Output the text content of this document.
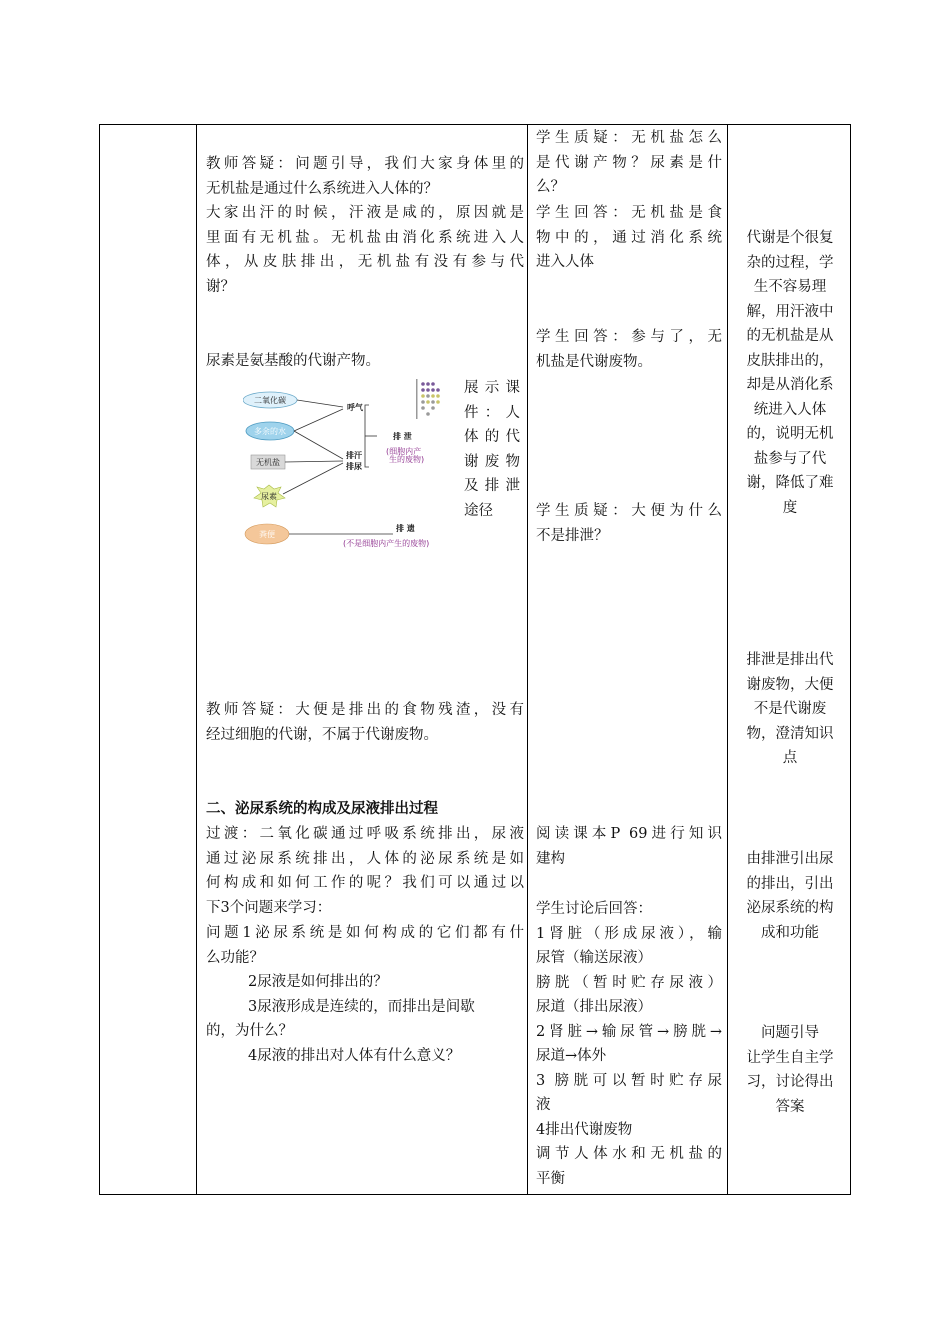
教师答疑：问题引导，我们大家身体里的
无机盐是通过什么系统进入人体的？
大家出汗的时候，汗液是咸的，原因就是
里面有无机盐。无机盐由消化系统进入人
体，从皮肤排出，无机盐有没有参与代
谢？
尿素是氨基酸的代谢产物。
展示课
件：人
体的代
谢废物
及排泄
途径
教师答疑：大便是排出的食物残渣，没有
经过细胞的代谢，不属于代谢废物。
二、泌尿系统的构成及尿液排出过程
过渡：二氧化碳通过呼吸系统排出，尿液
通过泌尿系统排出，人体的泌尿系统是如
何构成和如何工作的呢？我们可以通过以
下3个问题来学习：
问题1泌尿系统是如何构成的它们都有什
么功能？
2尿液是如何排出的？
3尿液形成是连续的，而排出是间歇
的，为什么？
4尿液的排出对人体有什么意义？
二氧化碳
多余的水
无机盐
尿素
粪便
呼气
排汗
排尿
排 泄
(细胞内产
生的废物)
排 遗
(不是细胞内产生的废物)
学生质疑：无机盐怎么
是代谢产物？尿素是什
么？
学生回答：无机盐是食
物中的，通过消化系统
进入人体
学生回答：参与了，无
机盐是代谢废物。
学生质疑：大便为什么
不是排泄？
阅读课本P 69进行知识
建构
学生讨论后回答：
1肾脏（形成尿液），输
尿管（输送尿液）
膀胱（暂时贮存尿液）
尿道（排出尿液）
2肾脏→输尿管→膀胱→
尿道→体外
3 膀胱可以暂时贮存尿
液
4排出代谢废物
调节人体水和无机盐的
平衡
代谢是个很复
杂的过程，学
生不容易理
解，用汗液中
的无机盐是从
皮肤排出的，
却是从消化系
统进入人体
的，说明无机
盐参与了代
谢，降低了难
度
排泄是排出代
谢废物，大便
不是代谢废
物，澄清知识
点
由排泄引出尿
的排出，引出
泌尿系统的构
成和功能
问题引导
让学生自主学
习，讨论得出
答案
